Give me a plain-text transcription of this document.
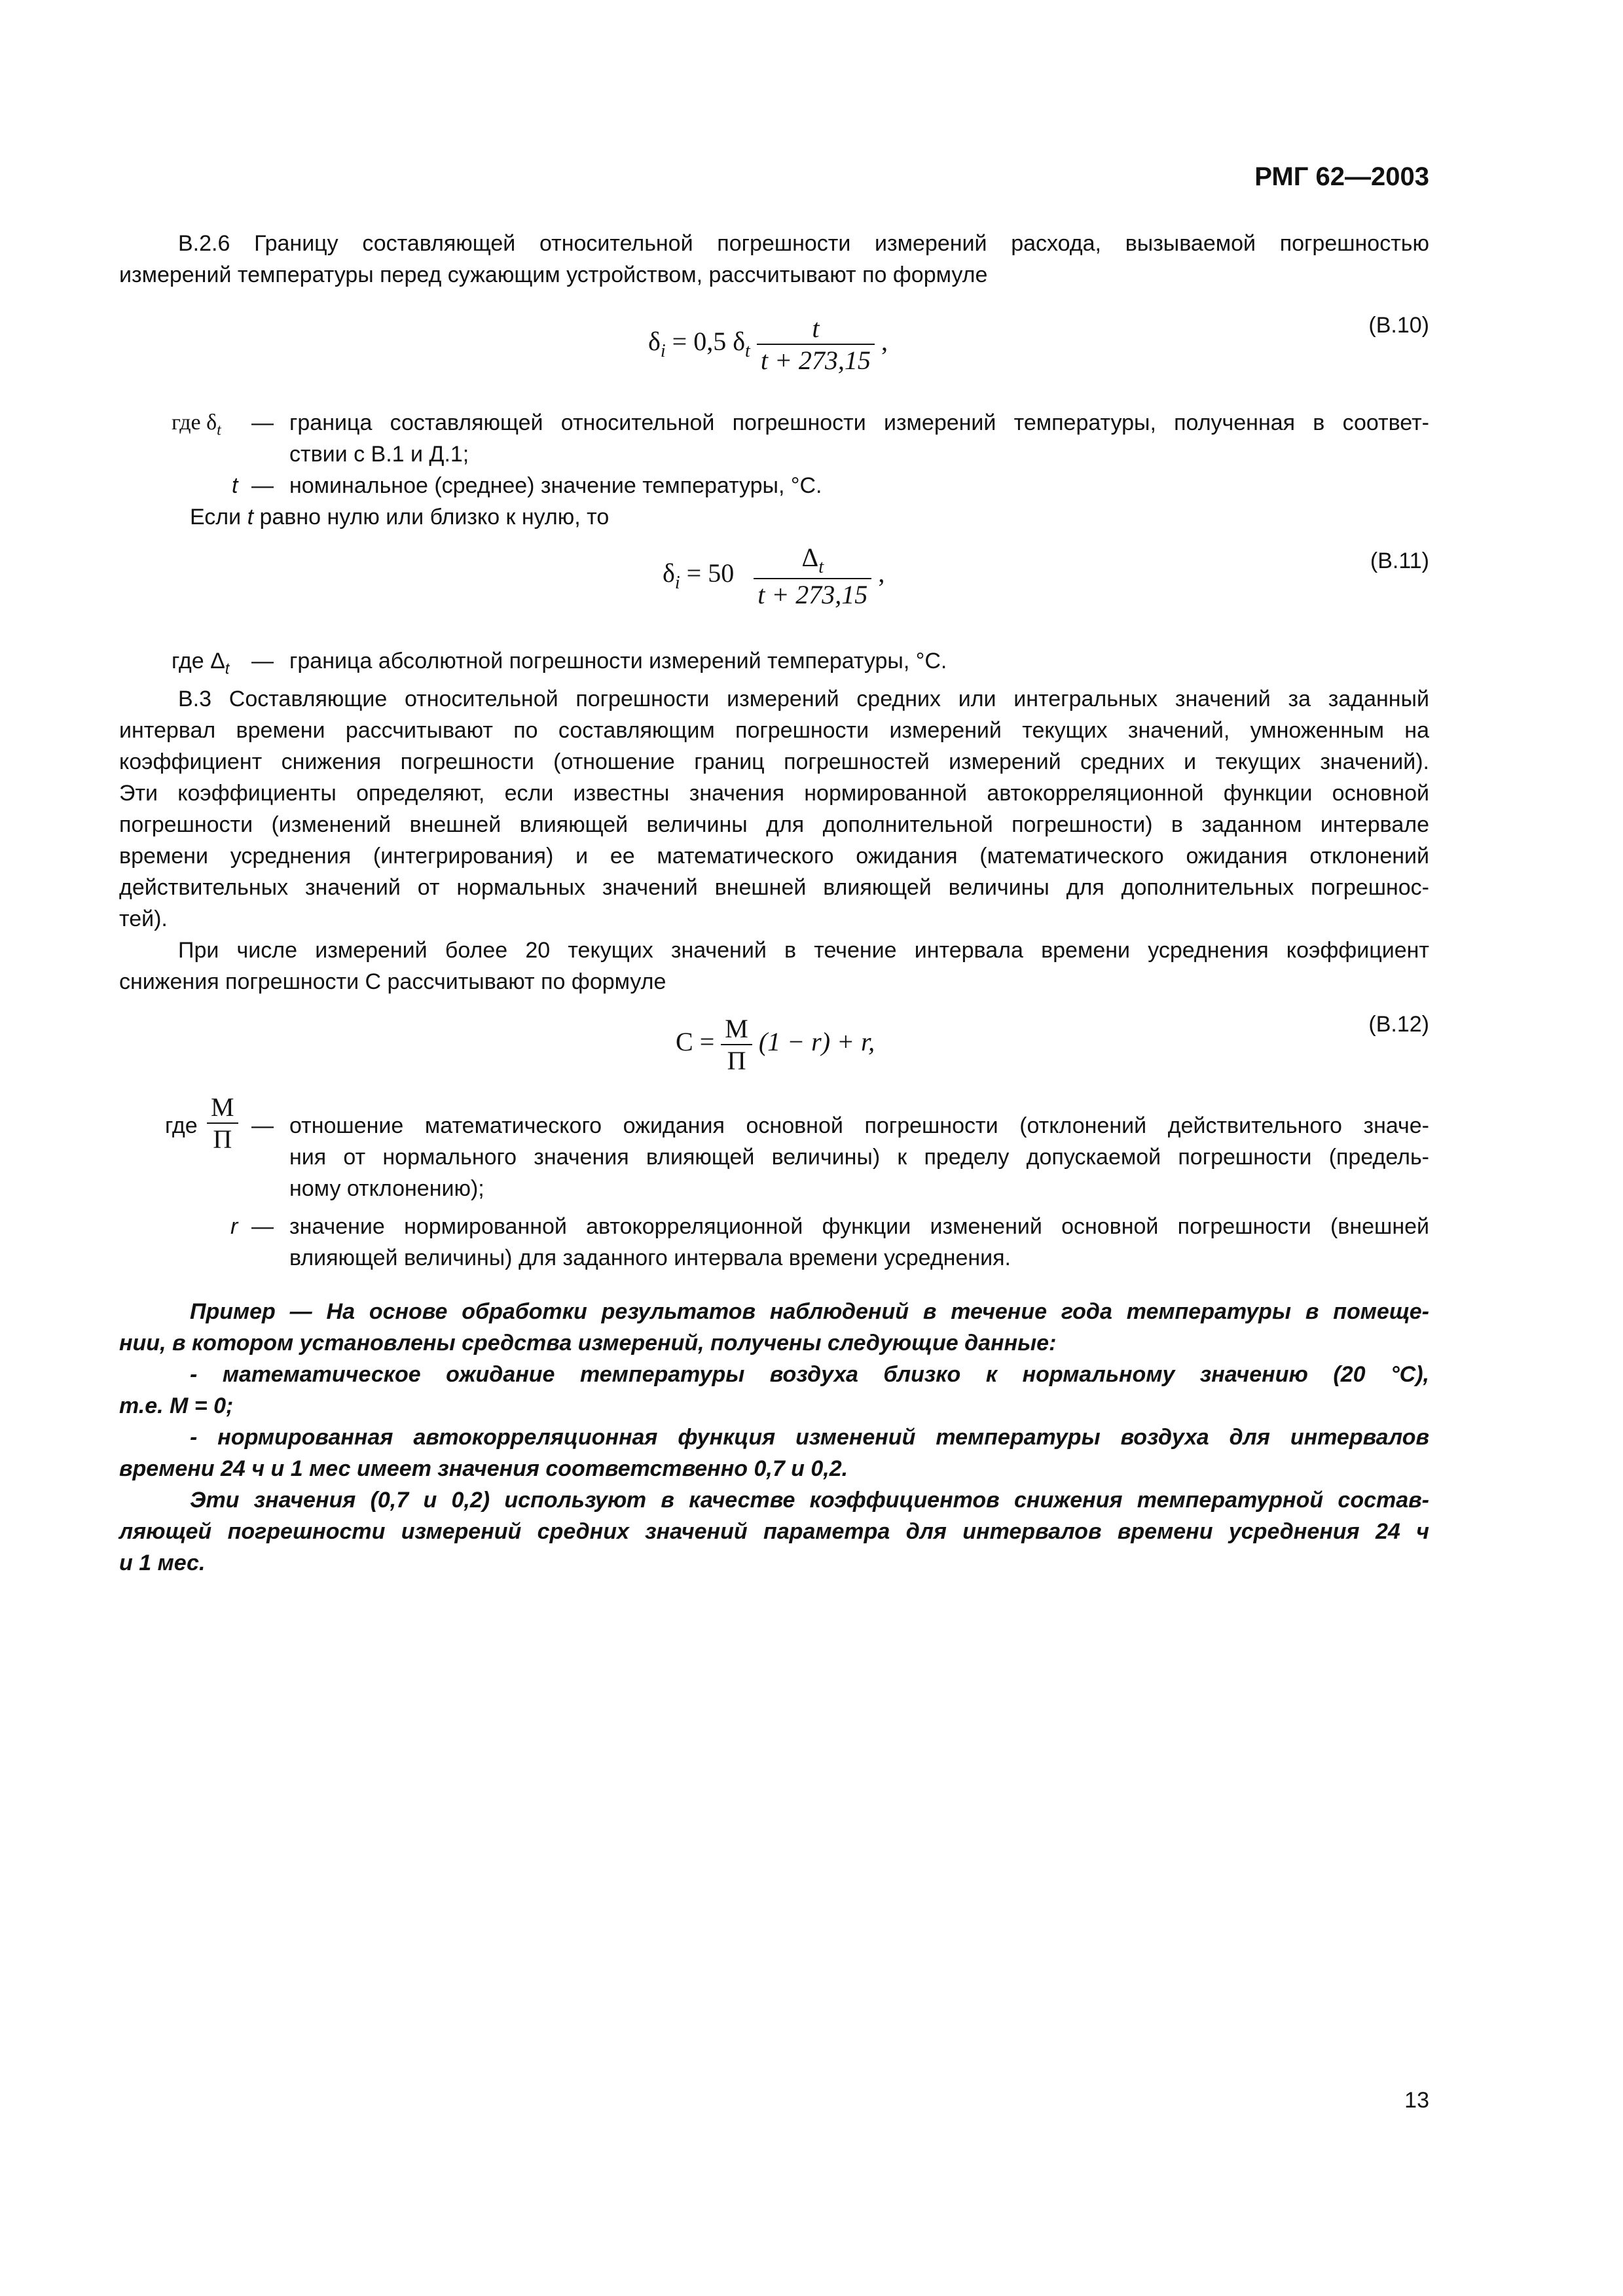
РМГ 62—2003
В.2.6 Границу составляющей относительной погрешности измерений расхода, вызываемой погрешностью
измерений температуры перед сужающим устройством, рассчитывают по формуле
$\delta_i = 0,5$ $\delta_t \frac{t}{t + 273,15}$ ,
(В.10)
где $\delta_t$ — граница составляющей относительной погрешности измерений температуры, полученная в соответ-
ствии с В.1 и Д.1;
t — номинальное (среднее) значение температуры, °С.
Если t равно нулю или близко к нулю, то
$\delta_i = 50 \frac{\Delta_t}{t + 273,15}$ ,	(В.11)
где $\Delta_t$ — граница абсолютной погрешности измерений температуры, °С.
В.3 Составляющие относительной погрешности измерений средних или интегральных значений за заданный
интервал времени рассчитывают по составляющим погрешности измерений текущих значений, умноженным на
коэффициент снижения погрешности (отношение границ погрешностей измерений средних и текущих значений).
Эти коэффициенты определяют, если известны значения нормированной автокорреляционной функции основной
погрешности (изменений внешней влияющей величины для дополнительной погрешности) в заданном интервале
времени усреднения (интегрирования) и ее математического ожидания (математического ожидания отклонений
действительных значений от нормальных значений внешней влияющей величины для дополнительных погрешнос-
тей).
При числе измерений более 20 текущих значений в течение интервала времени усреднения коэффициент
снижения погрешности С рассчитывают по формуле
$С = \frac{М}{П} (1 - r) + r$,
(В.12)
где $\frac{М}{П}$ — отношение математического ожидания основной погрешности (отклонений действительного значе-
ния от нормального значения влияющей величины) к пределу допускаемой погрешности (предель-
ному отклонению);
r — значение нормированной автокорреляционной функции изменений основной погрешности (внешней
влияющей величины) для заданного интервала времени усреднения.
Пример — На основе обработки результатов наблюдений в течение года температуры в помеще-
нии, в котором установлены средства измерений, получены следующие данные:
- математическое ожидание температуры воздуха близко к нормальному значению (20 °С),
т.е. М = 0;
- нормированная автокорреляционная функция изменений температуры воздуха для интервалов
времени 24 ч и 1 мес имеет значения соответственно 0,7 и 0,2.
Эти значения (0,7 и 0,2) используют в качестве коэффициентов снижения температурной состав-
ляющей погрешности измерений средних значений параметра для интервалов времени усреднения 24 ч
и 1 мес.
13
